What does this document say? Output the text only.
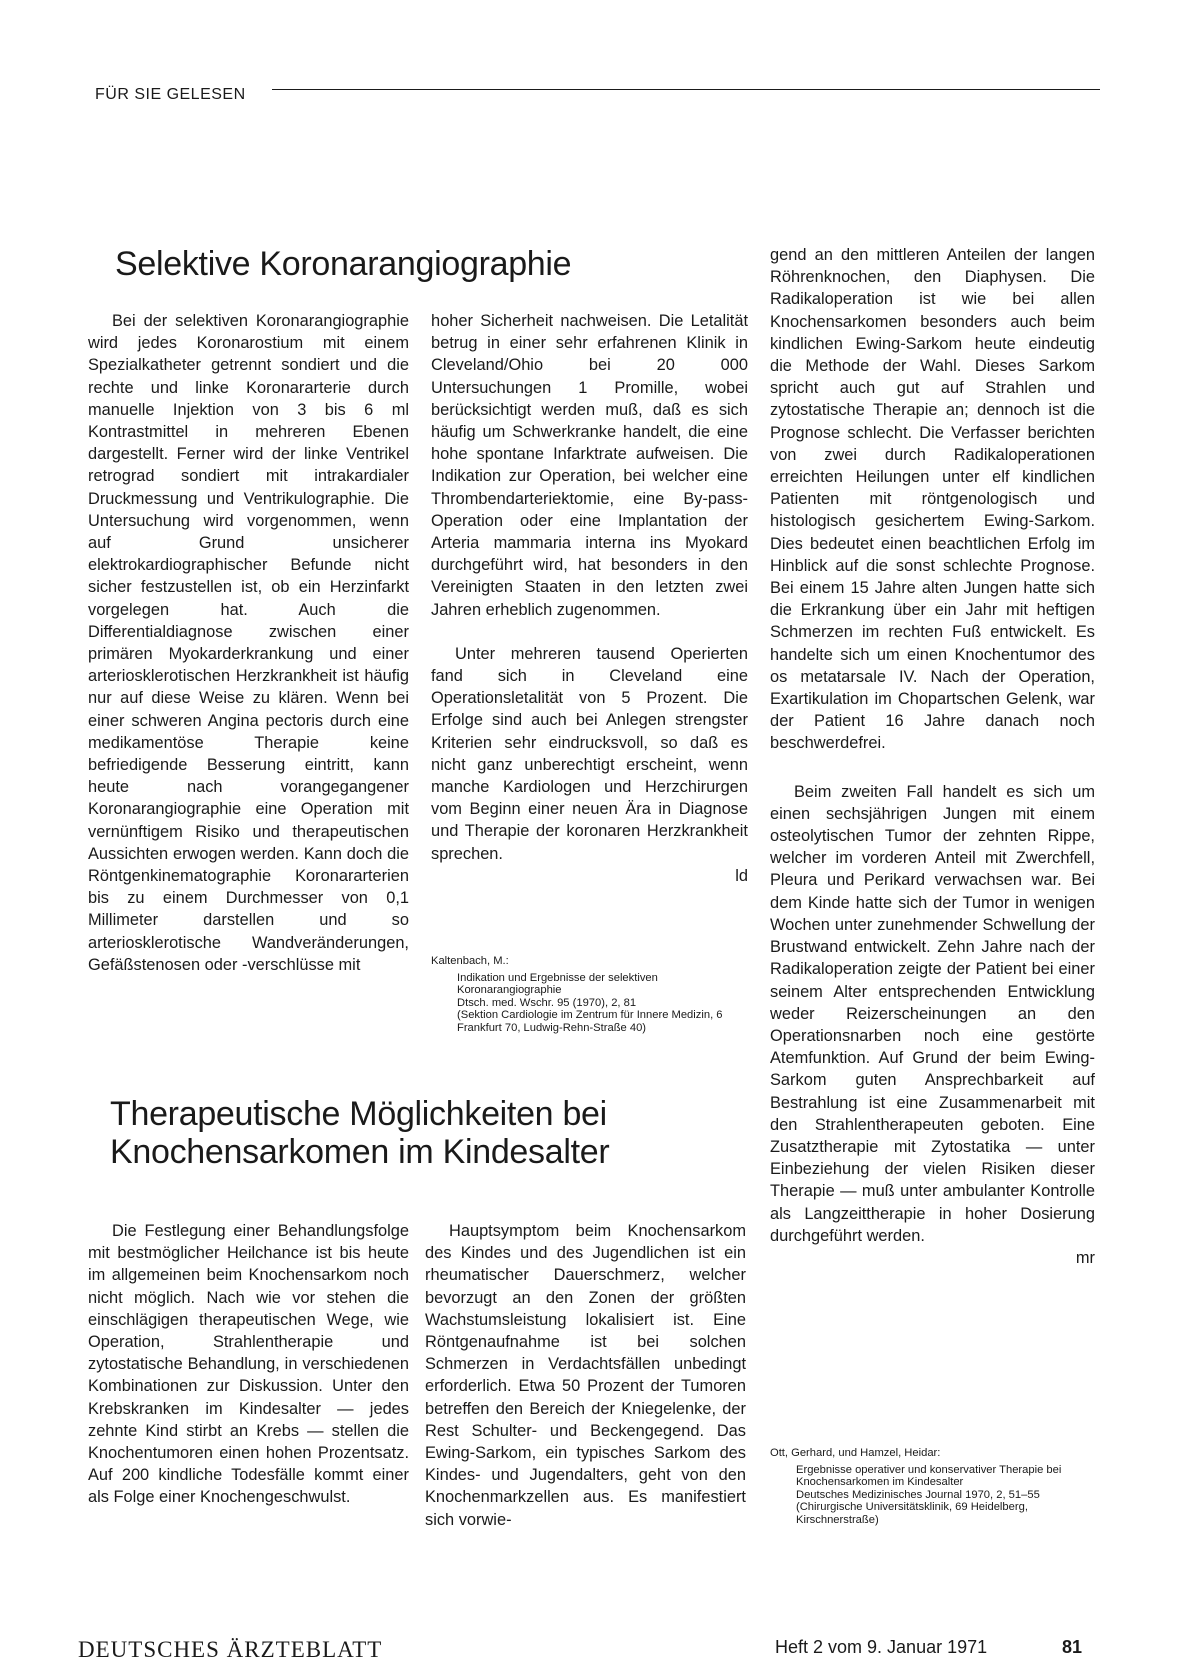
FÜR SIE GELESEN
Selektive Koronarangiographie

Bei der selektiven Koronarangiographie wird jedes Koronarostium mit einem Spezialkatheter getrennt sondiert und die rechte und linke Koronararterie durch manuelle Injektion von 3 bis 6 ml Kontrastmittel in mehreren Ebenen dargestellt. Ferner wird der linke Ventrikel retrograd sondiert mit intrakardialer Druckmessung und Ventrikulographie. Die Untersuchung wird vorgenommen, wenn auf Grund unsicherer elektrokardiographischer Befunde nicht sicher festzustellen ist, ob ein Herzinfarkt vorgelegen hat. Auch die Differentialdiagnose zwischen einer primären Myokarderkrankung und einer arteriosklerotischen Herzkrankheit ist häufig nur auf diese Weise zu klären. Wenn bei einer schweren Angina pectoris durch eine medikamentöse Therapie keine befriedigende Besserung eintritt, kann heute nach vorangegangener Koronarangiographie eine Operation mit vernünftigem Risiko und therapeutischen Aussichten erwogen werden. Kann doch die Röntgenkinematographie Koronararterien bis zu einem Durchmesser von 0,1 Millimeter darstellen und so arteriosklerotische Wandveränderungen, Gefäßstenosen oder -verschlüsse mit

hoher Sicherheit nachweisen. Die Letalität betrug in einer sehr erfahrenen Klinik in Cleveland/Ohio bei 20 000 Untersuchungen 1 Promille, wobei berücksichtigt werden muß, daß es sich häufig um Schwerkranke handelt, die eine hohe spontane Infarktrate aufweisen. Die Indikation zur Operation, bei welcher eine Thrombendarteriektomie, eine By-pass-Operation oder eine Implantation der Arteria mammaria interna ins Myokard durchgeführt wird, hat besonders in den Vereinigten Staaten in den letzten zwei Jahren erheblich zugenommen.

Unter mehreren tausend Operierten fand sich in Cleveland eine Operationsletalität von 5 Prozent. Die Erfolge sind auch bei Anlegen strengster Kriterien sehr eindrucksvoll, so daß es nicht ganz unberechtigt erscheint, wenn manche Kardiologen und Herzchirurgen vom Beginn einer neuen Ära in Diagnose und Therapie der koronaren Herzkrankheit sprechen.

ld
Kaltenbach, M.:
Indikation und Ergebnisse der selektiven Koronarangiographie
Dtsch. med. Wschr. 95 (1970), 2, 81
(Sektion Cardiologie im Zentrum für Innere Medizin, 6 Frankfurt 70, Ludwig-Rehn-Straße 40)
Therapeutische Möglichkeiten bei
Knochensarkomen im Kindesalter

Die Festlegung einer Behandlungsfolge mit bestmöglicher Heilchance ist bis heute im allgemeinen beim Knochensarkom noch nicht möglich. Nach wie vor stehen die einschlägigen therapeutischen Wege, wie Operation, Strahlentherapie und zytostatische Behandlung, in verschiedenen Kombinationen zur Diskussion. Unter den Krebskranken im Kindesalter — jedes zehnte Kind stirbt an Krebs — stellen die Knochentumoren einen hohen Prozentsatz. Auf 200 kindliche Todesfälle kommt einer als Folge einer Knochengeschwulst.

Hauptsymptom beim Knochensarkom des Kindes und des Jugendlichen ist ein rheumatischer Dauerschmerz, welcher bevorzugt an den Zonen der größten Wachstumsleistung lokalisiert ist. Eine Röntgenaufnahme ist bei solchen Schmerzen in Verdachtsfällen unbedingt erforderlich. Etwa 50 Prozent der Tumoren betreffen den Bereich der Kniegelenke, der Rest Schulter- und Beckengegend. Das Ewing-Sarkom, ein typisches Sarkom des Kindes- und Jugendalters, geht von den Knochenmarkzellen aus. Es manifestiert sich vorwie-

gend an den mittleren Anteilen der langen Röhrenknochen, den Diaphysen. Die Radikaloperation ist wie bei allen Knochensarkomen besonders auch beim kindlichen Ewing-Sarkom heute eindeutig die Methode der Wahl. Dieses Sarkom spricht auch gut auf Strahlen und zytostatische Therapie an; dennoch ist die Prognose schlecht. Die Verfasser berichten von zwei durch Radikaloperationen erreichten Heilungen unter elf kindlichen Patienten mit röntgenologisch und histologisch gesichertem Ewing-Sarkom. Dies bedeutet einen beachtlichen Erfolg im Hinblick auf die sonst schlechte Prognose. Bei einem 15 Jahre alten Jungen hatte sich die Erkrankung über ein Jahr mit heftigen Schmerzen im rechten Fuß entwickelt. Es handelte sich um einen Knochentumor des os metatarsale IV. Nach der Operation, Exartikulation im Chopartschen Gelenk, war der Patient 16 Jahre danach noch beschwerdefrei.

Beim zweiten Fall handelt es sich um einen sechsjährigen Jungen mit einem osteolytischen Tumor der zehnten Rippe, welcher im vorderen Anteil mit Zwerchfell, Pleura und Perikard verwachsen war. Bei dem Kinde hatte sich der Tumor in wenigen Wochen unter zunehmender Schwellung der Brustwand entwickelt. Zehn Jahre nach der Radikaloperation zeigte der Patient bei einer seinem Alter entsprechenden Entwicklung weder Reizerscheinungen an den Operationsnarben noch eine gestörte Atemfunktion. Auf Grund der beim Ewing-Sarkom guten Ansprechbarkeit auf Bestrahlung ist eine Zusammenarbeit mit den Strahlentherapeuten geboten. Eine Zusatztherapie mit Zytostatika — unter Einbeziehung der vielen Risiken dieser Therapie — muß unter ambulanter Kontrolle als Langzeittherapie in hoher Dosierung durchgeführt werden.

mr
Ott, Gerhard, und Hamzel, Heidar:
Ergebnisse operativer und konservativer Therapie bei Knochensarkomen im Kindesalter
Deutsches Medizinisches Journal 1970, 2, 51–55
(Chirurgische Universitätsklinik, 69 Heidelberg, Kirschnerstraße)
DEUTSCHES ÄRZTEBLATT	Heft 2 vom 9. Januar 1971	81
